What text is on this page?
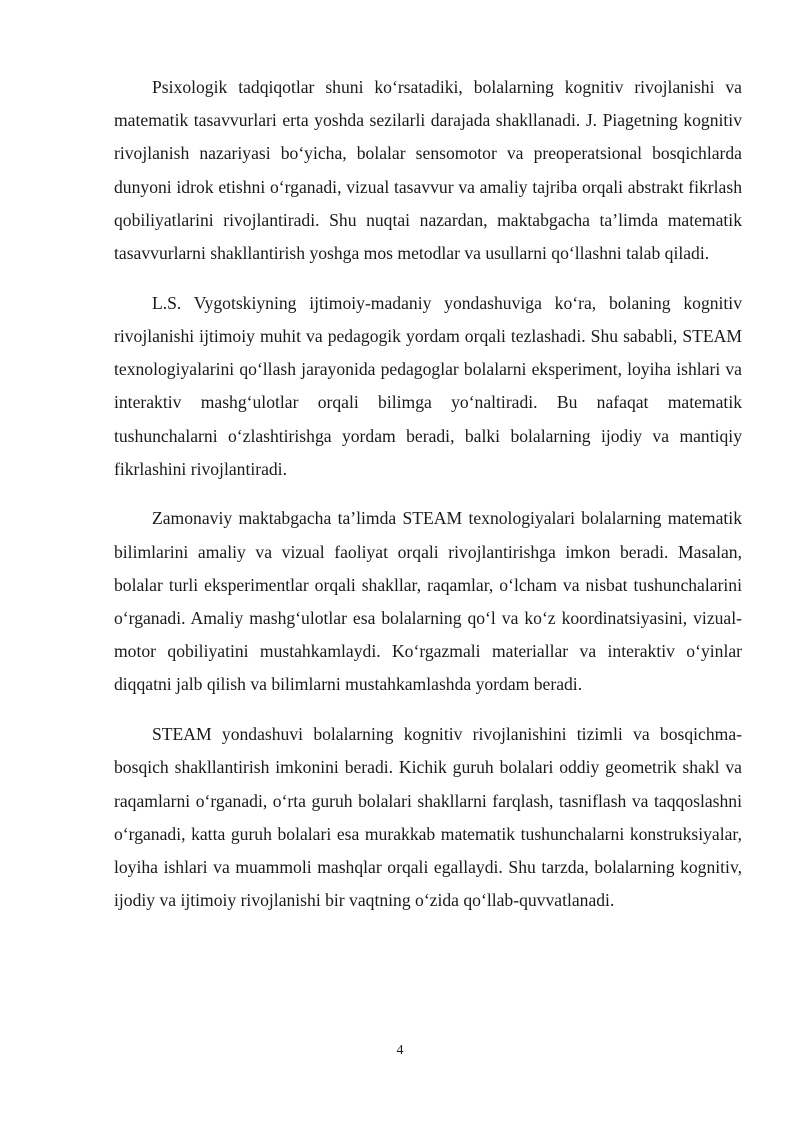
Psixologik tadqiqotlar shuni ko‘rsatadiki, bolalarning kognitiv rivojlanishi va matematik tasavvurlari erta yoshda sezilarli darajada shakllanadi. J. Piagetning kognitiv rivojlanish nazariyasi bo‘yicha, bolalar sensomotor va preoperatsional bosqichlarda dunyoni idrok etishni o‘rganadi, vizual tasavvur va amaliy tajriba orqali abstrakt fikrlash qobiliyatlarini rivojlantiradi. Shu nuqtai nazardan, maktabgacha ta’limda matematik tasavvurlarni shakllantirish yoshga mos metodlar va usullarni qo‘llashni talab qiladi.

L.S. Vygotskiyning ijtimoiy-madaniy yondashuviga ko‘ra, bolaning kognitiv rivojlanishi ijtimoiy muhit va pedagogik yordam orqali tezlashadi. Shu sababli, STEAM texnologiyalarini qo‘llash jarayonida pedagoglar bolalarni eksperiment, loyiha ishlari va interaktiv mashg‘ulotlar orqali bilimga yo‘naltiradi. Bu nafaqat matematik tushunchalarni o‘zlashtirishga yordam beradi, balki bolalarning ijodiy va mantiqiy fikrlashini rivojlantiradi.

Zamonaviy maktabgacha ta’limda STEAM texnologiyalari bolalarning matematik bilimlarini amaliy va vizual faoliyat orqali rivojlantirishga imkon beradi. Masalan, bolalar turli eksperimentlar orqali shakllar, raqamlar, o‘lcham va nisbat tushunchalarini o‘rganadi. Amaliy mashg‘ulotlar esa bolalarning qo‘l va ko‘z koordinatsiyasini, vizual-motor qobiliyatini mustahkamlaydi. Ko‘rgazmali materiallar va interaktiv o‘yinlar diqqatni jalb qilish va bilimlarni mustahkamlashda yordam beradi.

STEAM yondashuvi bolalarning kognitiv rivojlanishini tizimli va bosqichma-bosqich shakllantirish imkonini beradi. Kichik guruh bolalari oddiy geometrik shakl va raqamlarni o‘rganadi, o‘rta guruh bolalari shakllarni farqlash, tasniflash va taqqoslashni o‘rganadi, katta guruh bolalari esa murakkab matematik tushunchalarni konstruksiyalar, loyiha ishlari va muammoli mashqlar orqali egallaydi. Shu tarzda, bolalarning kognitiv, ijodiy va ijtimoiy rivojlanishi bir vaqtning o‘zida qo‘llab-quvvatlanadi.

4
